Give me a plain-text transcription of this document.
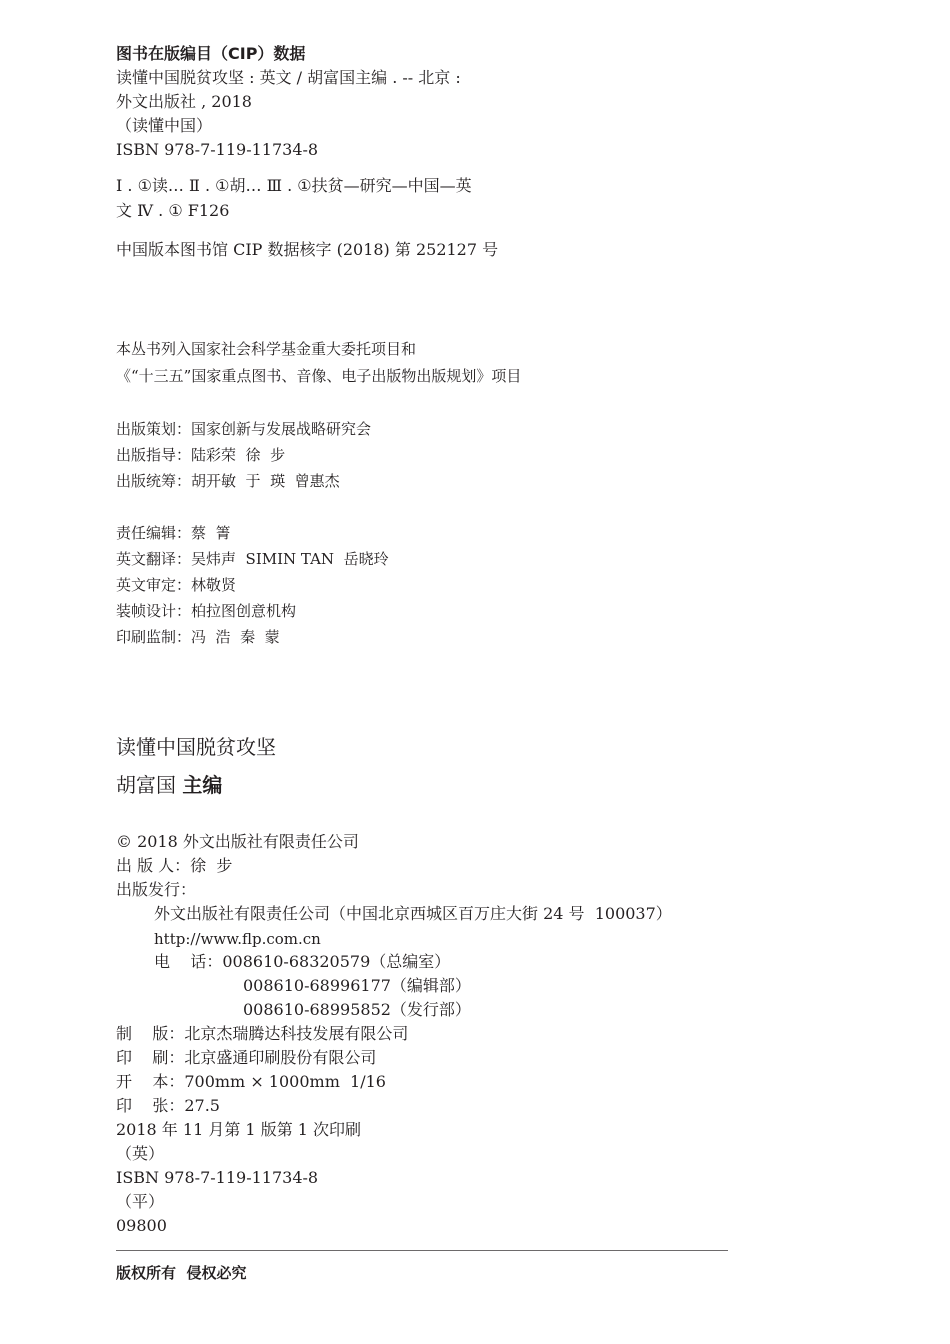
图书在版编目（CIP）数据
读懂中国脱贫攻坚 : 英文 / 胡富国主编 . -- 北京 :
外文出版社 , 2018
（读懂中国）
ISBN 978-7-119-11734-8
Ⅰ . ①读… Ⅱ . ①胡… Ⅲ . ①扶贫—研究—中国—英
文 Ⅳ . ① F126
中国版本图书馆 CIP 数据核字 (2018) 第 252127 号
本丛书列入国家社会科学基金重大委托项目和
《“十三五”国家重点图书、音像、电子出版物出版规划》项目
出版策划：国家创新与发展战略研究会
出版指导：陆彩荣  徐  步
出版统筹：胡开敏  于  瑛  曾惠杰
责任编辑：蔡  箐
英文翻译：吴炜声  SIMIN TAN  岳晓玲
英文审定：林敬贤
装帧设计：柏拉图创意机构
印刷监制：冯  浩  秦  蒙
读懂中国脱贫攻坚
胡富国 主编
© 2018 外文出版社有限责任公司
出 版 人：徐  步
出版发行：
外文出版社有限责任公司（中国北京西城区百万庄大街 24 号  100037）
http://www.flp.com.cn
电    话：008610-68320579（总编室）
008610-68996177（编辑部）
008610-68995852（发行部）
制    版：北京杰瑞腾达科技发展有限公司
印    刷：北京盛通印刷股份有限公司
开    本：700mm × 1000mm  1/16
印    张：27.5
2018 年 11 月第 1 版第 1 次印刷
（英）
ISBN 978-7-119-11734-8
（平）
09800
版权所有  侵权必究
